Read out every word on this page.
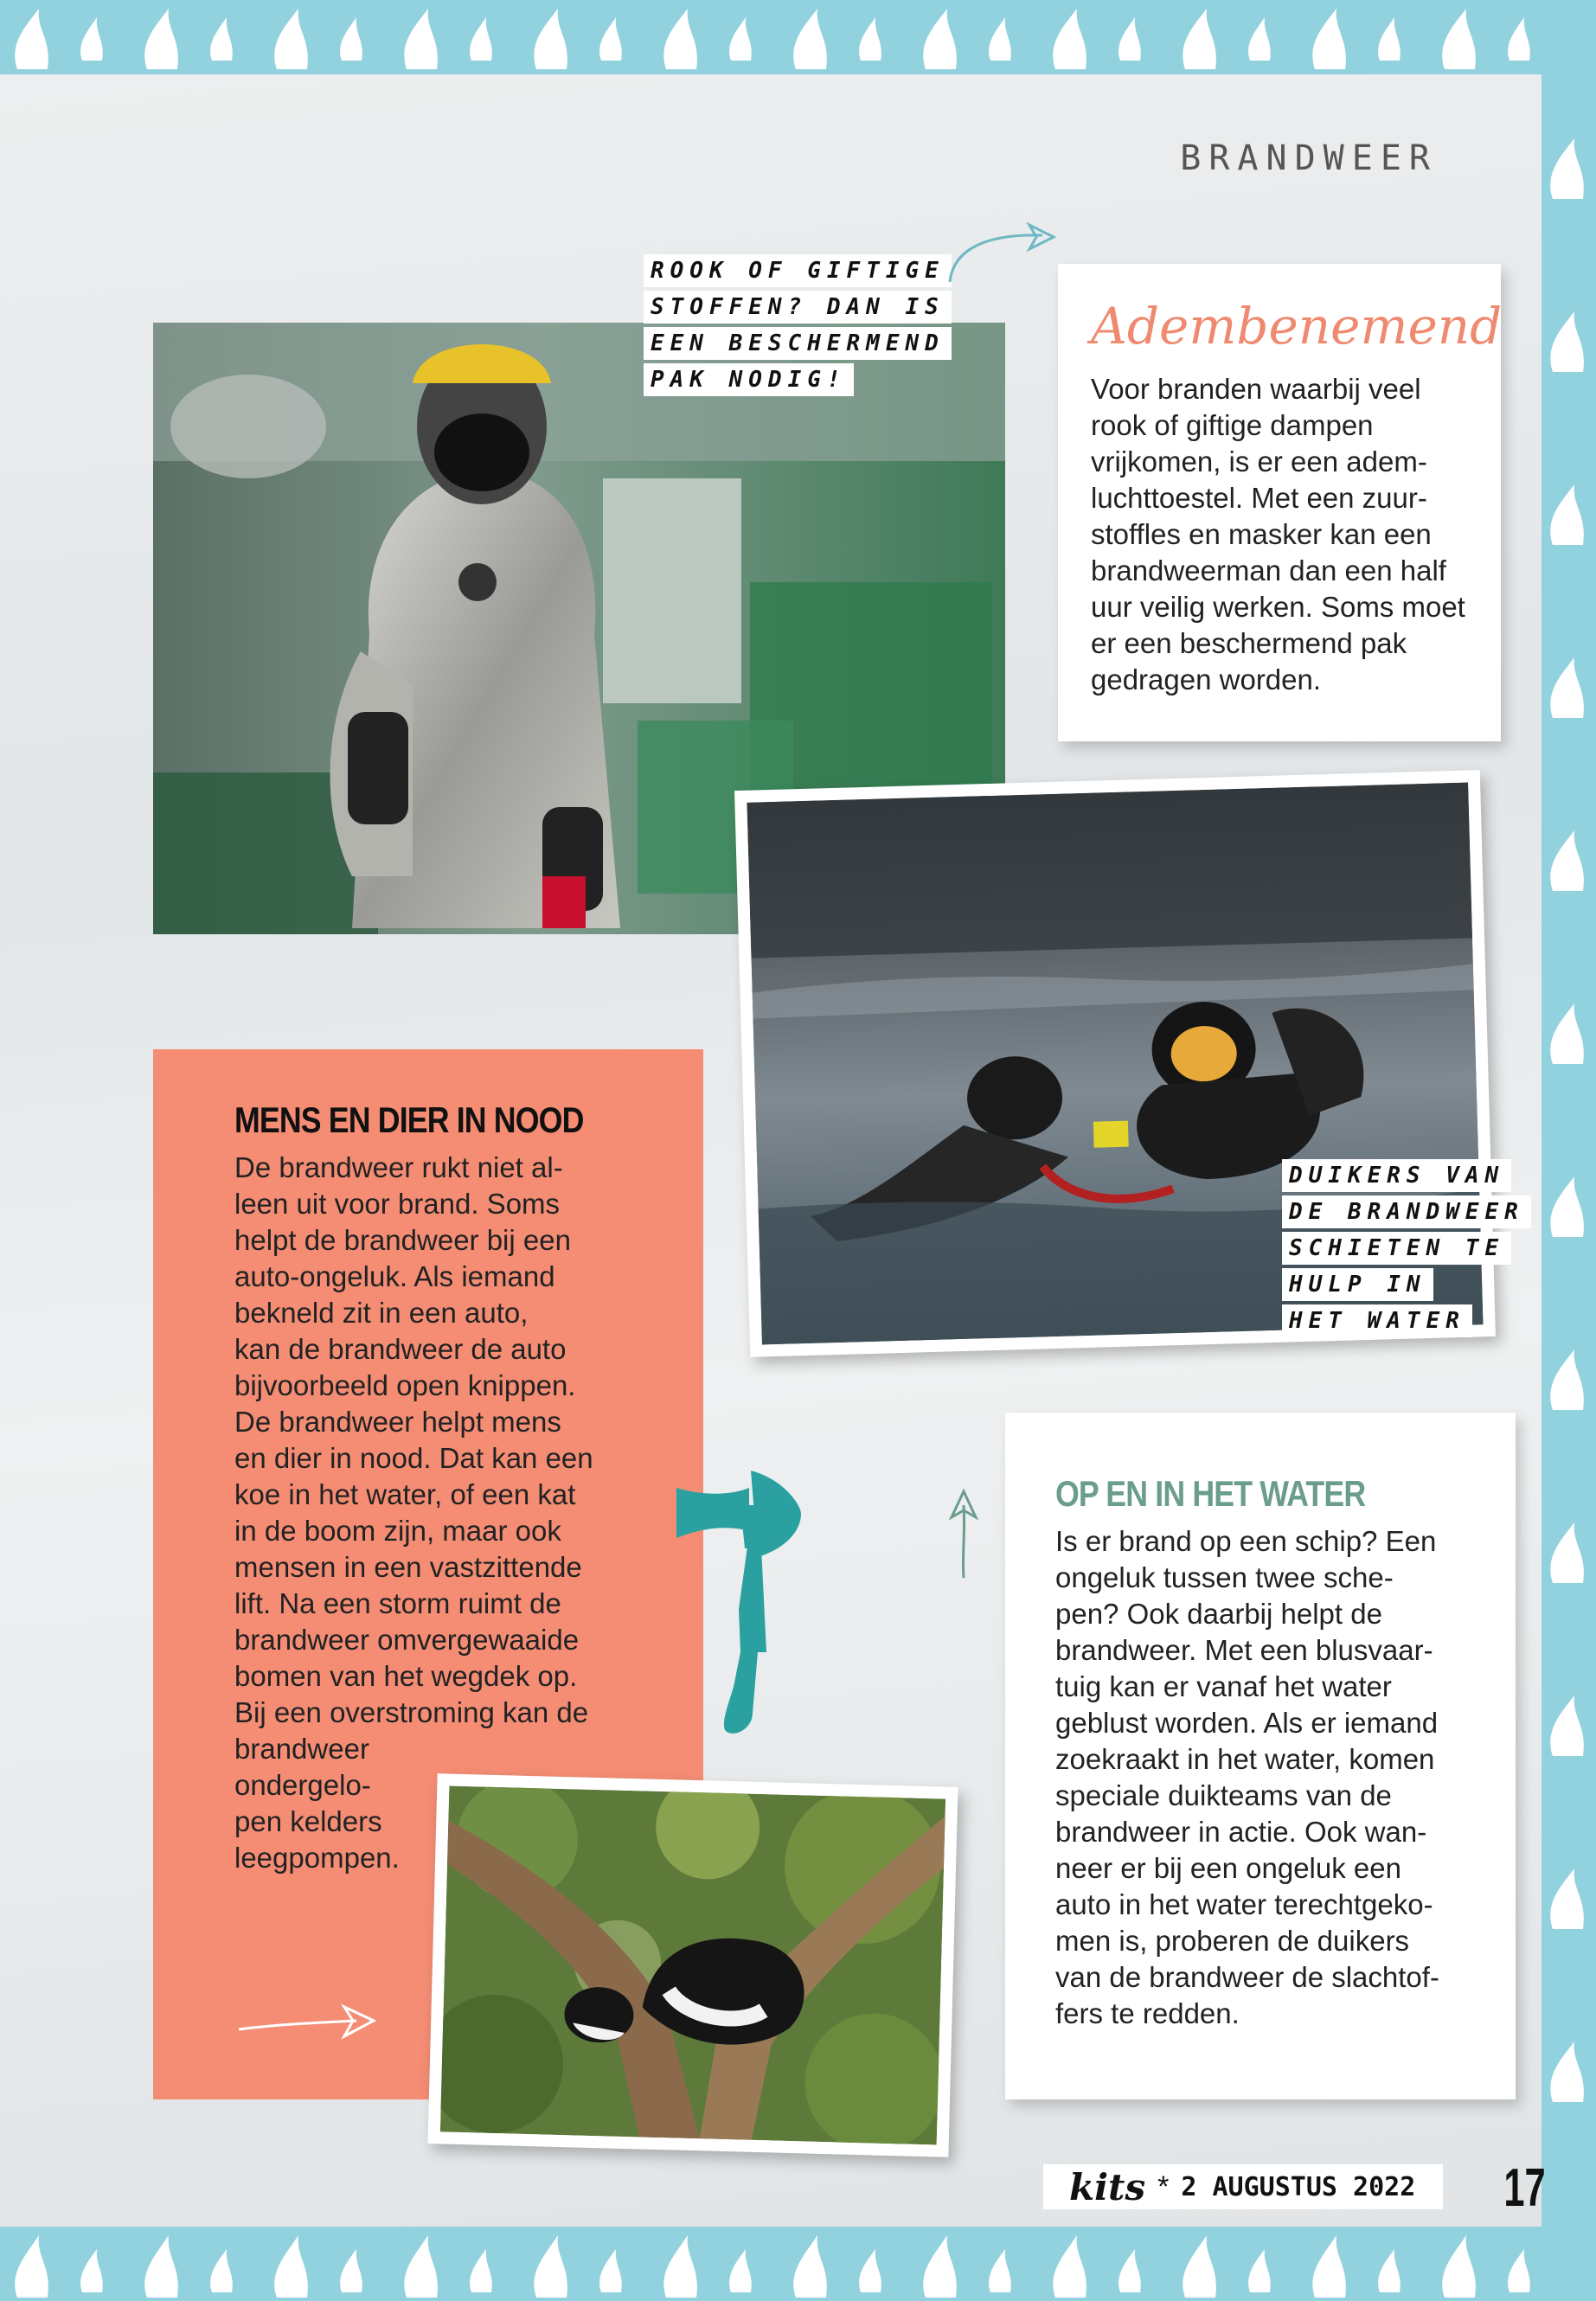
BRANDWEER
ROOK OF GIFTIGE
STOFFEN? DAN IS
EEN BESCHERMEND
PAK NODIG!
Adembenemend

Voor branden waarbij veel rook of giftige dampen vrijkomen, is er een adem-luchttoestel. Met een zuur-stoffles en masker kan een brandweerman dan een half uur veilig werken. Soms moet er een beschermend pak gedragen worden.

DUIKERS VAN
DE BRANDWEER
SCHIETEN TE
HULP IN
HET WATER
MENS EN DIER IN NOOD
De brandweer rukt niet al-
leen uit voor brand. Soms
helpt de brandweer bij een
auto-ongeluk. Als iemand
bekneld zit in een auto,
kan de brandweer de auto
bijvoorbeeld open knippen.
De brandweer helpt mens
en dier in nood. Dat kan een
koe in het water, of een kat
in de boom zijn, maar ook
mensen in een vastzittende
lift. Na een storm ruimt de
brandweer omvergewaaide
bomen van het wegdek op.
Bij een overstroming kan de
brandweer
ondergelo-
pen kelders
leegpompen.
OP EN IN HET WATER
Is er brand op een schip? Een
ongeluk tussen twee sche-
pen? Ook daarbij helpt de
brandweer. Met een blusvaar-
tuig kan er vanaf het water
geblust worden. Als er iemand
zoekraakt in het water, komen
speciale duikteams van de
brandweer in actie. Ook wan-
neer er bij een ongeluk een
auto in het water terechtgeko-
men is, proberen de duikers
van de brandweer de slachtof-
fers te redden.
kits * 2 AUGUSTUS 2022 17
